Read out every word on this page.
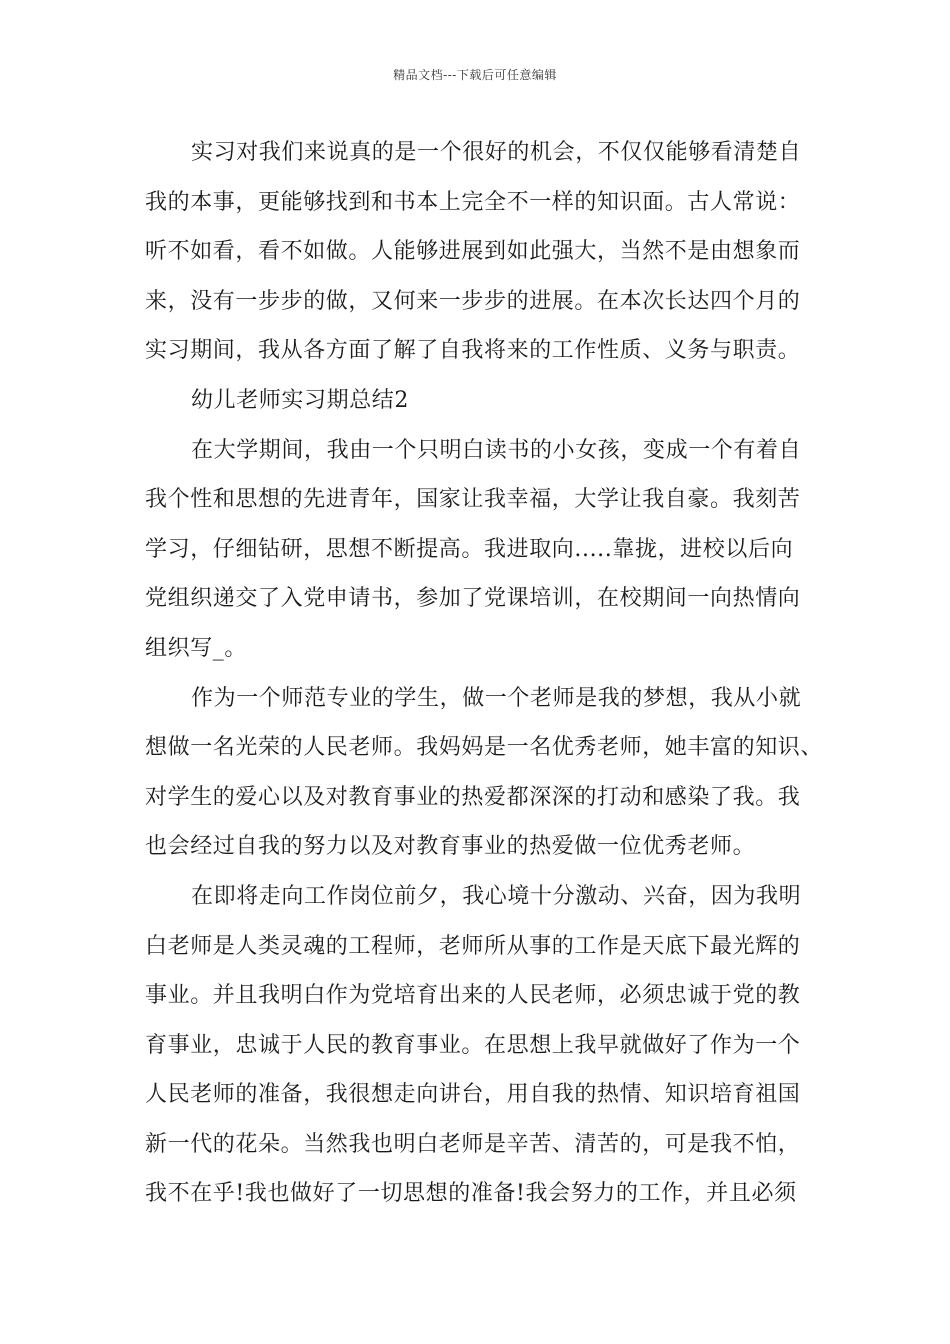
精品文档---下载后可任意编辑
实习对我们来说真的是一个很好的机会，不仅仅能够看清楚自
我的本事，更能够找到和书本上完全不一样的知识面。古人常说：
听不如看，看不如做。人能够进展到如此强大，当然不是由想象而
来，没有一步步的做，又何来一步步的进展。在本次长达四个月的
实习期间，我从各方面了解了自我将来的工作性质、义务与职责。
幼儿老师实习期总结2
在大学期间，我由一个只明白读书的小女孩，变成一个有着自
我个性和思想的先进青年，国家让我幸福，大学让我自豪。我刻苦
学习，仔细钻研，思想不断提高。我进取向.....靠拢，进校以后向
党组织递交了入党申请书，参加了党课培训，在校期间一向热情向
组织写_。
作为一个师范专业的学生，做一个老师是我的梦想，我从小就
想做一名光荣的人民老师。我妈妈是一名优秀老师，她丰富的知识、
对学生的爱心以及对教育事业的热爱都深深的打动和感染了我。我
也会经过自我的努力以及对教育事业的热爱做一位优秀老师。
在即将走向工作岗位前夕，我心境十分激动、兴奋，因为我明
白老师是人类灵魂的工程师，老师所从事的工作是天底下最光辉的
事业。并且我明白作为党培育出来的人民老师，必须忠诚于党的教
育事业，忠诚于人民的教育事业。在思想上我早就做好了作为一个
人民老师的准备，我很想走向讲台，用自我的热情、知识培育祖国
新一代的花朵。当然我也明白老师是辛苦、清苦的，可是我不怕，
我不在乎!我也做好了一切思想的准备!我会努力的工作，并且必须
